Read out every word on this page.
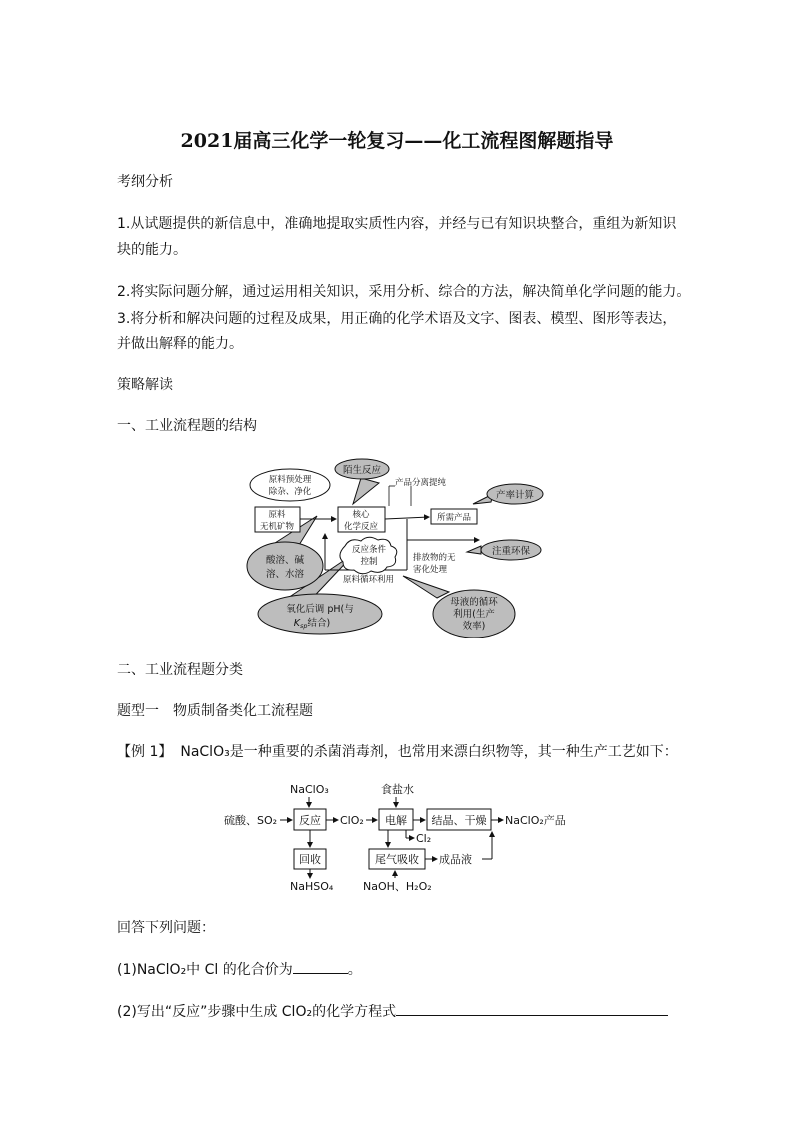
2021届高三化学一轮复习——化工流程图解题指导
考纲分析
1.从试题提供的新信息中，准确地提取实质性内容，并经与已有知识块整合，重组为新知识
块的能力。
2.将实际问题分解，通过运用相关知识，采用分析、综合的方法，解决简单化学问题的能力。
3.将分析和解决问题的过程及成果，用正确的化学术语及文字、图表、模型、图形等表达，
并做出解释的能力。
策略解读
一、工业流程题的结构
原料预处理
除杂、净化
原料
无机矿物
核心
化学反应
所需产品
陌生反应
产品分离提纯
产率计算
反应条件
控制
酸溶、碱
溶、水溶
排放物的无
害化处理
注重环保
原料循环利用
氧化后调 pH(与
$K_{sp}$结合)
母液的循环
利用(生产
效率)
二、工业流程题分类
题型一　物质制备类化工流程题
【例 1】 NaClO₃是一种重要的杀菌消毒剂，也常用来漂白织物等，其一种生产工艺如下：
NaClO₃
硫酸、SO₂ 反应 ClO₂
食盐水
电解
Cl₂
结晶、干燥 NaClO₂产品
回收
NaHSO₄
尾气吸收 成品液
NaOH、H₂O₂
回答下列问题：
(1)NaClO₂中 Cl 的化合价为	。
(2)写出“反应”步骤中生成 ClO₂的化学方程式
